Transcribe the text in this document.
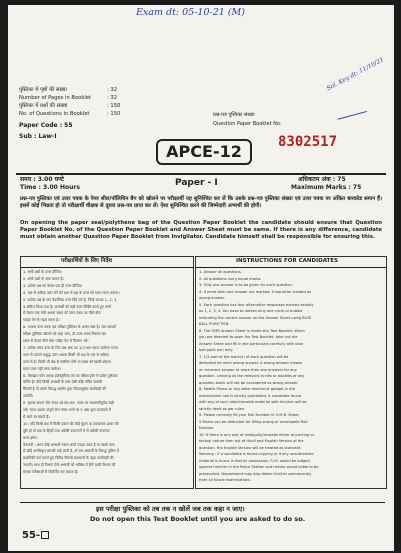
Exam dt: 05-10-21 (M)
Sol. Key dt: 11/10/21
पुस्तिका में पृष्ठों की संख्या	: 32
Number of Pages in Booklet	: 32
पुस्तिका में प्रश्नों की संख्या	: 150
No. of Questions in Booklet	: 150
Paper Code : 55
Sub : Law-I
प्रश्न-पत्र पुस्तिका संख्या
Question Paper Booklet No.
8302517
APCE-12
समय : 3.00 घण्टे
Time : 3.00 Hours	Paper - I	अधिकतम अंक : 75
Maximum Marks : 75
प्रश्न-पत्र पुस्तिका एवं उत्तर पत्रक के पेपर सील/पॉलिथिन बैग को खोलने पर परीक्षार्थी यह सुनिश्चित कर लें कि उसके प्रश्न-पत्र पुस्तिका संख्या एवं उत्तर पत्रक पर अंकित बारकोड समान हैं। इसमें कोई भिन्नता हो तो परीक्षार्थी वीक्षक से दूसरा प्रश्न-पत्र प्राप्त कर लें। ऐसा सुनिश्चित करने की जिम्मेदारी अभ्यर्थी की होगी।
On opening the paper seal/polythene bag of the Question Paper Booklet the candidate should ensure that Question Paper Booklet No. of the Question Paper Booklet and Answer Sheet must be same. If there is any difference, candidate must obtain another Question Paper Booklet from Invigilator. Candidate himself shall be responsible for ensuring this.
परीक्षार्थियों के लिए निर्देश	INSTRUCTIONS FOR CANDIDATES
1. सभी प्रश्नों के उत्तर दीजिए।
2. सभी प्रश्नों के अंक समान हैं।
3. प्रत्येक प्रश्न का केवल एक ही उत्तर दीजिए।
4. एक से अधिक उत्तर देने की दशा में प्रश्न के उत्तर को गलत माना जाएगा।
5. प्रत्येक प्रश्न के चार वैकल्पिक उत्तर दिये गये हैं, जिन्हें क्रमशः 1, 2, 3,
4 अंकित किया गया है। अभ्यर्थी को सही उत्तर निर्दिष्ट करते हुए उनमें
से केवल एक गोले अथवा बबल को उत्तर पत्रक पर नीले बॉल
प्वाइंट पेन से गहरा करना है।
6. OMR उत्तर पत्रक इस परीक्षा पुस्तिका के अन्दर रखा है। जब आपको
परीक्षा पुस्तिका खोलने को कहा जाए, तो उत्तर-पत्रक निकाल कर
ध्यान से केवल नीले बॉल प्वॉइंट पेन से विवरण भरें।
7. प्रत्येक गलत उत्तर के लिए प्रश्न अंक का 1/3 भाग काटा जायेगा। गलत
उत्तर से तात्पर्य अशुद्ध उत्तर अथवा किसी भी प्रश्न के एक से अधिक
उत्तर से है। किसी भी प्रश्न से संबंधित गोले या बबल को खाली छोड़ना
गलत उत्तर नहीं माना जायेगा।
8. मोबाइल फोन अथवा इलेक्ट्रॉनिक यंत्र का परीक्षा हॉल में प्रयोग पूर्णतया
वर्जित है। यदि किसी अभ्यर्थी के पास ऐसी कोई वर्जित सामग्री
मिलती है तो उसके विरुद्ध आयोग द्वारा नियमानुसार कार्यवाही की
जायेगी।
9. कृपया अपना रोल नम्बर ओ.एम.आर. पत्रक पर सावधानीपूर्वक सही
भरें। गलत अथवा अपूर्ण रोल नम्बर भरने पर 5 अंक कुल प्राप्तांकों में
से काटे जा सकते हैं।
10. यदि किसी प्रश्न में किसी प्रकार की कोई मुद्रण या तथ्यात्मक प्रकार की
त्रुटि हो तो प्रश्न के हिन्दी तथा अंग्रेजी रूपान्तरों में से अंग्रेजी रूपान्तर
मान्य होगा।
चेतावनी : अगर कोई अभ्यर्थी नकल करते पकड़ा जाता है या उसके पास
से कोई अनधिकृत सामग्री पाई जाती है, तो उस अभ्यर्थी के विरुद्ध पुलिस में
प्राथमिकी दर्ज कराते हुए विविध नियमों-प्रावधानों के तहत कार्यवाही की
जाएगी। साथ ही विभाग ऐसे अभ्यर्थी को भविष्य में होने वाली विभाग की
समस्त परीक्षाओं से विवर्जित कर सकता है।
1. Answer all questions.
2. All questions carry equal marks.
3. Only one answer is to be given for each question.
4. If more than one answer are marked, it would be treated as
wrong answer.
5. Each question has four alternative responses marked serially
as 1, 2, 3, 4. You have to darken only one circle or bubble
indicating the correct answer on the Answer Sheet using BLUE
BALL POINT PEN.
6. The OMR Answer Sheet is inside this Test Booklet. When
you are directed to open the Test Booklet, take out the
Answer Sheet and fill in the particulars carefully with blue
ball point pen only.
7. 1/3 part of the mark(s) of each question will be
deducted for each wrong answer. A wrong answer means
an incorrect answer or more than one answers for any
question. Leaving all the relevant circles or bubbles of any
question blank will not be considered as wrong answer.
8. Mobile Phone or any other electronic gadget in the
examination hall is strictly prohibited. A candidate found
with any of such objectionable material with him/her will be
strictly dealt as per rules.
9. Please correctly fill your Roll Number in O.M.R. Sheet.
5 Marks can be deducted for filling wrong or incomplete Roll
Number.
10. If there is any sort of ambiguity/mistake either of printing or
factual nature then out of Hindi and English Version of the
question, the English Version will be treated as standard.
Warning : If a candidate is found copying or if any unauthorized
material is found in his/her possession, F.I.R. would be lodged
against him/her in the Police Station and he/she would liable to be
prosecuted. Department may also debar him/her permanently
from all future examinations.
इस परीक्षा पुस्तिका को तब तक न खोलें जब तक कहा न जाए।
Do not open this Test Booklet until you are asked to do so.
55-
